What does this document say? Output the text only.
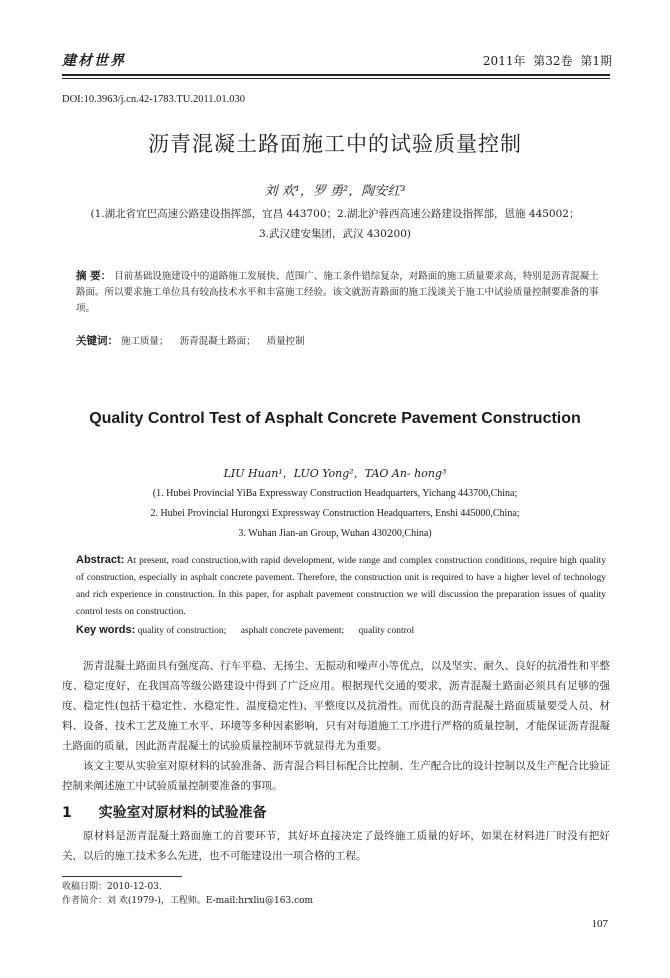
建材世界	2011年 第32卷 第1期
DOI:10.3963/j.cn.42-1783.TU.2011.01.030
沥青混凝土路面施工中的试验质量控制
刘 欢¹，罗 勇²，陶安红³
(1.湖北省宜巴高速公路建设指挥部，宜昌 443700；2.湖北沪蓉西高速公路建设指挥部，恩施 445002；
3.武汉建安集团，武汉 430200)
摘 要： 目前基础设施建设中的道路施工发展快、范围广、施工条件错综复杂，对路面的施工质量要求高，特别是沥青混凝土路面。所以要求施工单位具有较高技术水平和丰富施工经验。该文就沥青路面的施工浅谈关于施工中试验质量控制要准备的事项。
关键词： 施工质量； 沥青混凝土路面； 质量控制
Quality Control Test of Asphalt Concrete Pavement Construction
LIU Huan¹，LUO Yong²，TAO An- hong³
(1. Hubei Provincial YiBa Expressway Construction Headquarters, Yichang 443700,China;
2. Hubei Provincial Hurongxi Expressway Construction Headquarters, Enshi 445000,China;
3. Wuhan Jian-an Group, Wuhan 430200,China)
Abstract: At present, road construction,with rapid development, wide range and complex construction conditions, require high quality of construction, especially in asphalt concrete pavement. Therefore, the construction unit is required to have a higher level of technology and rich experience in construction. In this paper, for asphalt pavement construction we will discussion the preparation issues of quality control tests on construction.
Key words: quality of construction; asphalt concrete pavement; quality control
沥青混凝土路面具有强度高、行车平稳、无扬尘、无振动和噪声小等优点，以及坚实、耐久、良好的抗滑性和平整度、稳定度好，在我国高等级公路建设中得到了广泛应用。根据现代交通的要求，沥青混凝土路面必须具有足够的强度、稳定性(包括干稳定性、水稳定性、温度稳定性)、平整度以及抗滑性。而优良的沥青混凝土路面质量要受人员、材料、设备、技术工艺及施工水平、环境等多种因素影响，只有对每道施工工序进行严格的质量控制，才能保证沥青混凝土路面的质量，因此沥青混凝土的试验质量控制环节就显得尤为重要。
该文主要从实验室对原材料的试验准备、沥青混合料目标配合比控制、生产配合比的设计控制以及生产配合比验证控制来阐述施工中试验质量控制要准备的事项。
1 实验室对原材料的试验准备
原材料是沥青混凝土路面施工的首要环节，其好坏直接决定了最终施工质量的好坏，如果在材料进厂时没有把好关，以后的施工技术多么先进，也不可能建设出一项合格的工程。
收稿日期：2010-12-03.
作者简介：刘 欢(1979-)，工程师。E-mail:hrxliu@163.com
107
